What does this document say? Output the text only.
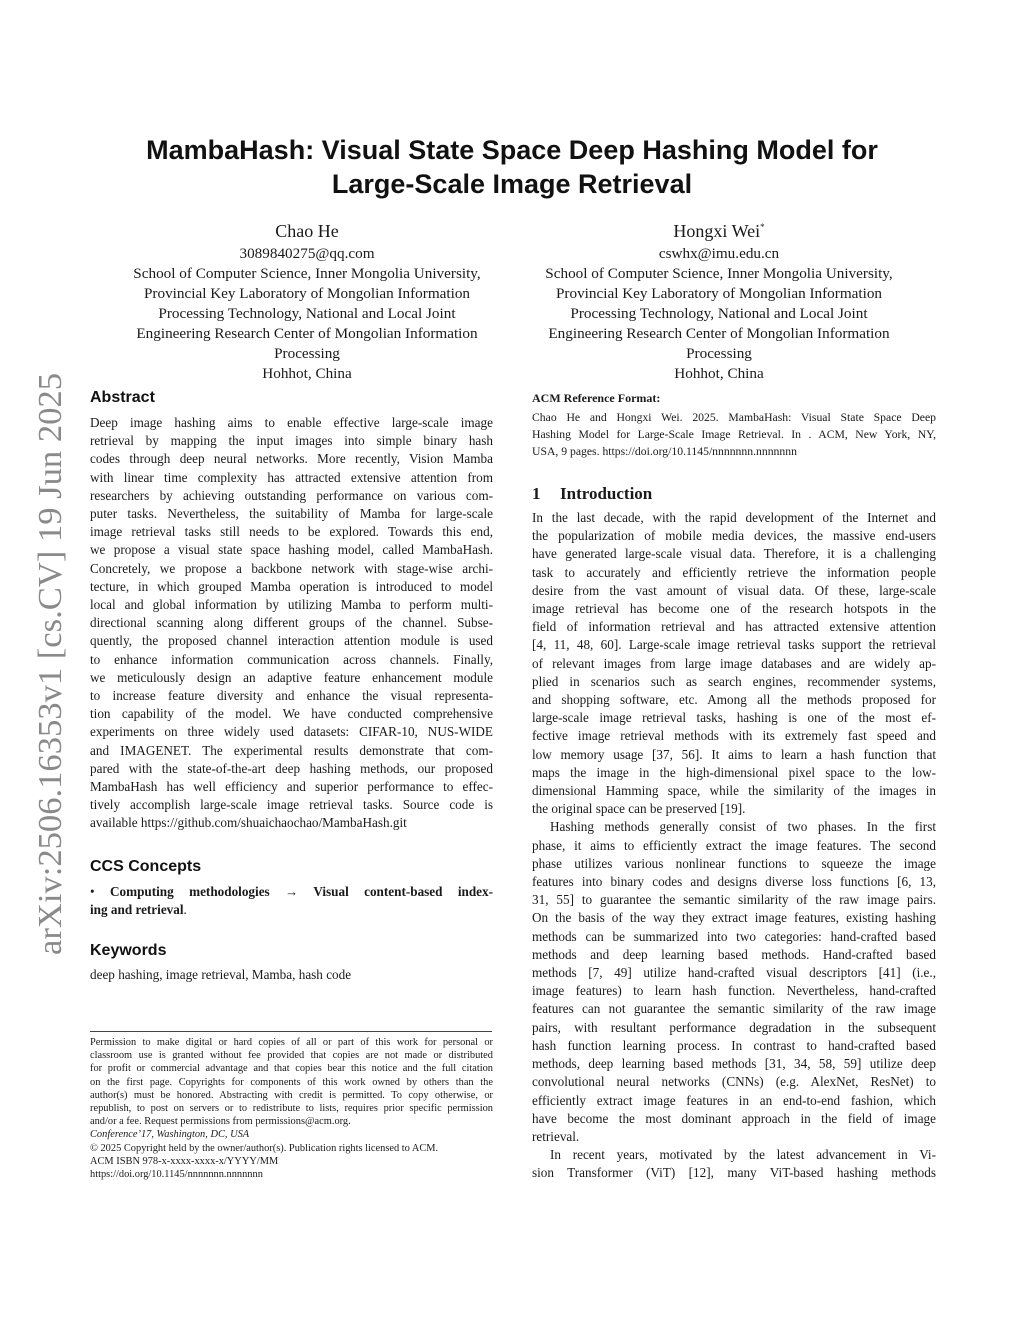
arXiv:2506.16353v1 [cs.CV] 19 Jun 2025
MambaHash: Visual State Space Deep Hashing Model for
Large-Scale Image Retrieval
Chao He
3089840275@qq.com
School of Computer Science, Inner Mongolia University,
Provincial Key Laboratory of Mongolian Information
Processing Technology, National and Local Joint
Engineering Research Center of Mongolian Information
Processing
Hohhot, China
Hongxi Wei*
cswhx@imu.edu.cn
School of Computer Science, Inner Mongolia University,
Provincial Key Laboratory of Mongolian Information
Processing Technology, National and Local Joint
Engineering Research Center of Mongolian Information
Processing
Hohhot, China
Abstract
Deep image hashing aims to enable effective large-scale image
retrieval by mapping the input images into simple binary hash
codes through deep neural networks. More recently, Vision Mamba
with linear time complexity has attracted extensive attention from
researchers by achieving outstanding performance on various com-
puter tasks. Nevertheless, the suitability of Mamba for large-scale
image retrieval tasks still needs to be explored. Towards this end,
we propose a visual state space hashing model, called MambaHash.
Concretely, we propose a backbone network with stage-wise archi-
tecture, in which grouped Mamba operation is introduced to model
local and global information by utilizing Mamba to perform multi-
directional scanning along different groups of the channel. Subse-
quently, the proposed channel interaction attention module is used
to enhance information communication across channels. Finally,
we meticulously design an adaptive feature enhancement module
to increase feature diversity and enhance the visual representa-
tion capability of the model. We have conducted comprehensive
experiments on three widely used datasets: CIFAR-10, NUS-WIDE
and IMAGENET. The experimental results demonstrate that com-
pared with the state-of-the-art deep hashing methods, our proposed
MambaHash has well efficiency and superior performance to effec-
tively accomplish large-scale image retrieval tasks. Source code is
available https://github.com/shuaichaochao/MambaHash.git
CCS Concepts
• Computing methodologies → Visual content-based index-
ing and retrieval.
Keywords
deep hashing, image retrieval, Mamba, hash code
Permission to make digital or hard copies of all or part of this work for personal or
classroom use is granted without fee provided that copies are not made or distributed
for profit or commercial advantage and that copies bear this notice and the full citation
on the first page. Copyrights for components of this work owned by others than the
author(s) must be honored. Abstracting with credit is permitted. To copy otherwise, or
republish, to post on servers or to redistribute to lists, requires prior specific permission
and/or a fee. Request permissions from permissions@acm.org.
Conference’17, Washington, DC, USA
© 2025 Copyright held by the owner/author(s). Publication rights licensed to ACM.
ACM ISBN 978-x-xxxx-xxxx-x/YYYY/MM
https://doi.org/10.1145/nnnnnnn.nnnnnnn
ACM Reference Format:
Chao He and Hongxi Wei. 2025. MambaHash: Visual State Space Deep
Hashing Model for Large-Scale Image Retrieval. In . ACM, New York, NY,
USA, 9 pages. https://doi.org/10.1145/nnnnnnn.nnnnnnn
1 Introduction
In the last decade, with the rapid development of the Internet and
the popularization of mobile media devices, the massive end-users
have generated large-scale visual data. Therefore, it is a challenging
task to accurately and efficiently retrieve the information people
desire from the vast amount of visual data. Of these, large-scale
image retrieval has become one of the research hotspots in the
field of information retrieval and has attracted extensive attention
[4, 11, 48, 60]. Large-scale image retrieval tasks support the retrieval
of relevant images from large image databases and are widely ap-
plied in scenarios such as search engines, recommender systems,
and shopping software, etc. Among all the methods proposed for
large-scale image retrieval tasks, hashing is one of the most ef-
fective image retrieval methods with its extremely fast speed and
low memory usage [37, 56]. It aims to learn a hash function that
maps the image in the high-dimensional pixel space to the low-
dimensional Hamming space, while the similarity of the images in
the original space can be preserved [19].
Hashing methods generally consist of two phases. In the first
phase, it aims to efficiently extract the image features. The second
phase utilizes various nonlinear functions to squeeze the image
features into binary codes and designs diverse loss functions [6, 13,
31, 55] to guarantee the semantic similarity of the raw image pairs.
On the basis of the way they extract image features, existing hashing
methods can be summarized into two categories: hand-crafted based
methods and deep learning based methods. Hand-crafted based
methods [7, 49] utilize hand-crafted visual descriptors [41] (i.e.,
image features) to learn hash function. Nevertheless, hand-crafted
features can not guarantee the semantic similarity of the raw image
pairs, with resultant performance degradation in the subsequent
hash function learning process. In contrast to hand-crafted based
methods, deep learning based methods [31, 34, 58, 59] utilize deep
convolutional neural networks (CNNs) (e.g. AlexNet, ResNet) to
efficiently extract image features in an end-to-end fashion, which
have become the most dominant approach in the field of image
retrieval.
In recent years, motivated by the latest advancement in Vi-
sion Transformer (ViT) [12], many ViT-based hashing methods
